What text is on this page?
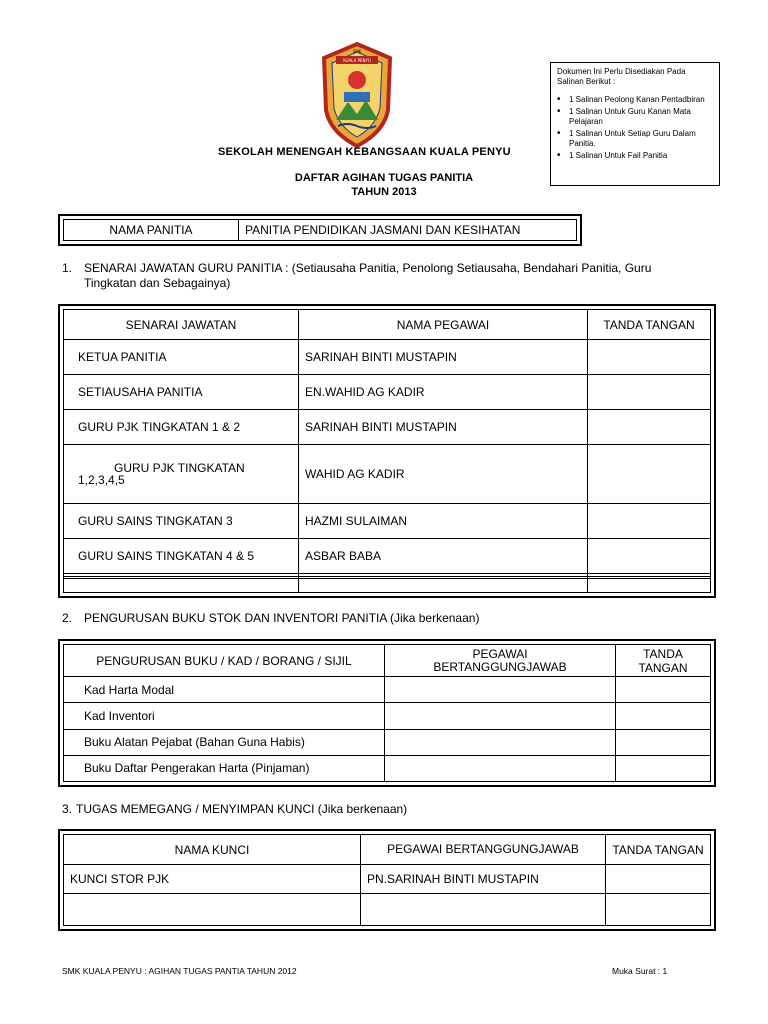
SMK
KUALA PENYU
Dokumen Ini Perlu Disediakan Pada Salinan Berikut :
• 1 Salinan Peolong Kanan Pentadbiran
• 1 Salinan Untuk Guru Kanan Mata Pelajaran
• 1 Salinan Untuk Setiap Guru Dalam Panitia.
• 1 Salinan Untuk Fail Panitia
SEKOLAH MENENGAH KEBANGSAAN KUALA PENYU
DAFTAR AGIHAN TUGAS PANITIA
TAHUN 2013
NAMA PANITIA	PANITIA PENDIDIKAN JASMANI DAN KESIHATAN
1. SENARAI JAWATAN GURU PANITIA : (Setiausaha Panitia, Penolong Setiausaha, Bendahari Panitia, Guru
Tingkatan dan Sebagainya)
SENARAI JAWATAN	NAMA PEGAWAI	TANDA TANGAN
KETUA PANITIA	SARINAH BINTI MUSTAPIN	
SETIAUSAHA PANITIA	EN.WAHID AG KADIR	
GURU PJK TINGKATAN 1 & 2	SARINAH BINTI MUSTAPIN	
GURU PJK TINGKATAN 1,2,3,4,5	WAHID AG KADIR	
GURU SAINS TINGKATAN 3	HAZMI SULAIMAN	
GURU SAINS TINGKATAN 4 & 5	ASBAR BABA	

2. PENGURUSAN BUKU STOK DAN INVENTORI PANITIA (Jika berkenaan)
PENGURUSAN BUKU / KAD / BORANG / SIJIL	PEGAWAI BERTANGGUNGJAWAB	TANDA TANGAN
Kad Harta Modal		
Kad Inventori		
Buku Alatan Pejabat (Bahan Guna Habis)		
Buku Daftar Pengerakan Harta (Pinjaman)		
3. TUGAS MEMEGANG / MENYIMPAN KUNCI (Jika berkenaan)
NAMA KUNCI	PEGAWAI BERTANGGUNGJAWAB	TANDA TANGAN
KUNCI STOR PJK	PN.SARINAH BINTI MUSTAPIN	

SMK KUALA PENYU : AGIHAN TUGAS PANTIA TAHUN 2012	Muka Surat : 1
